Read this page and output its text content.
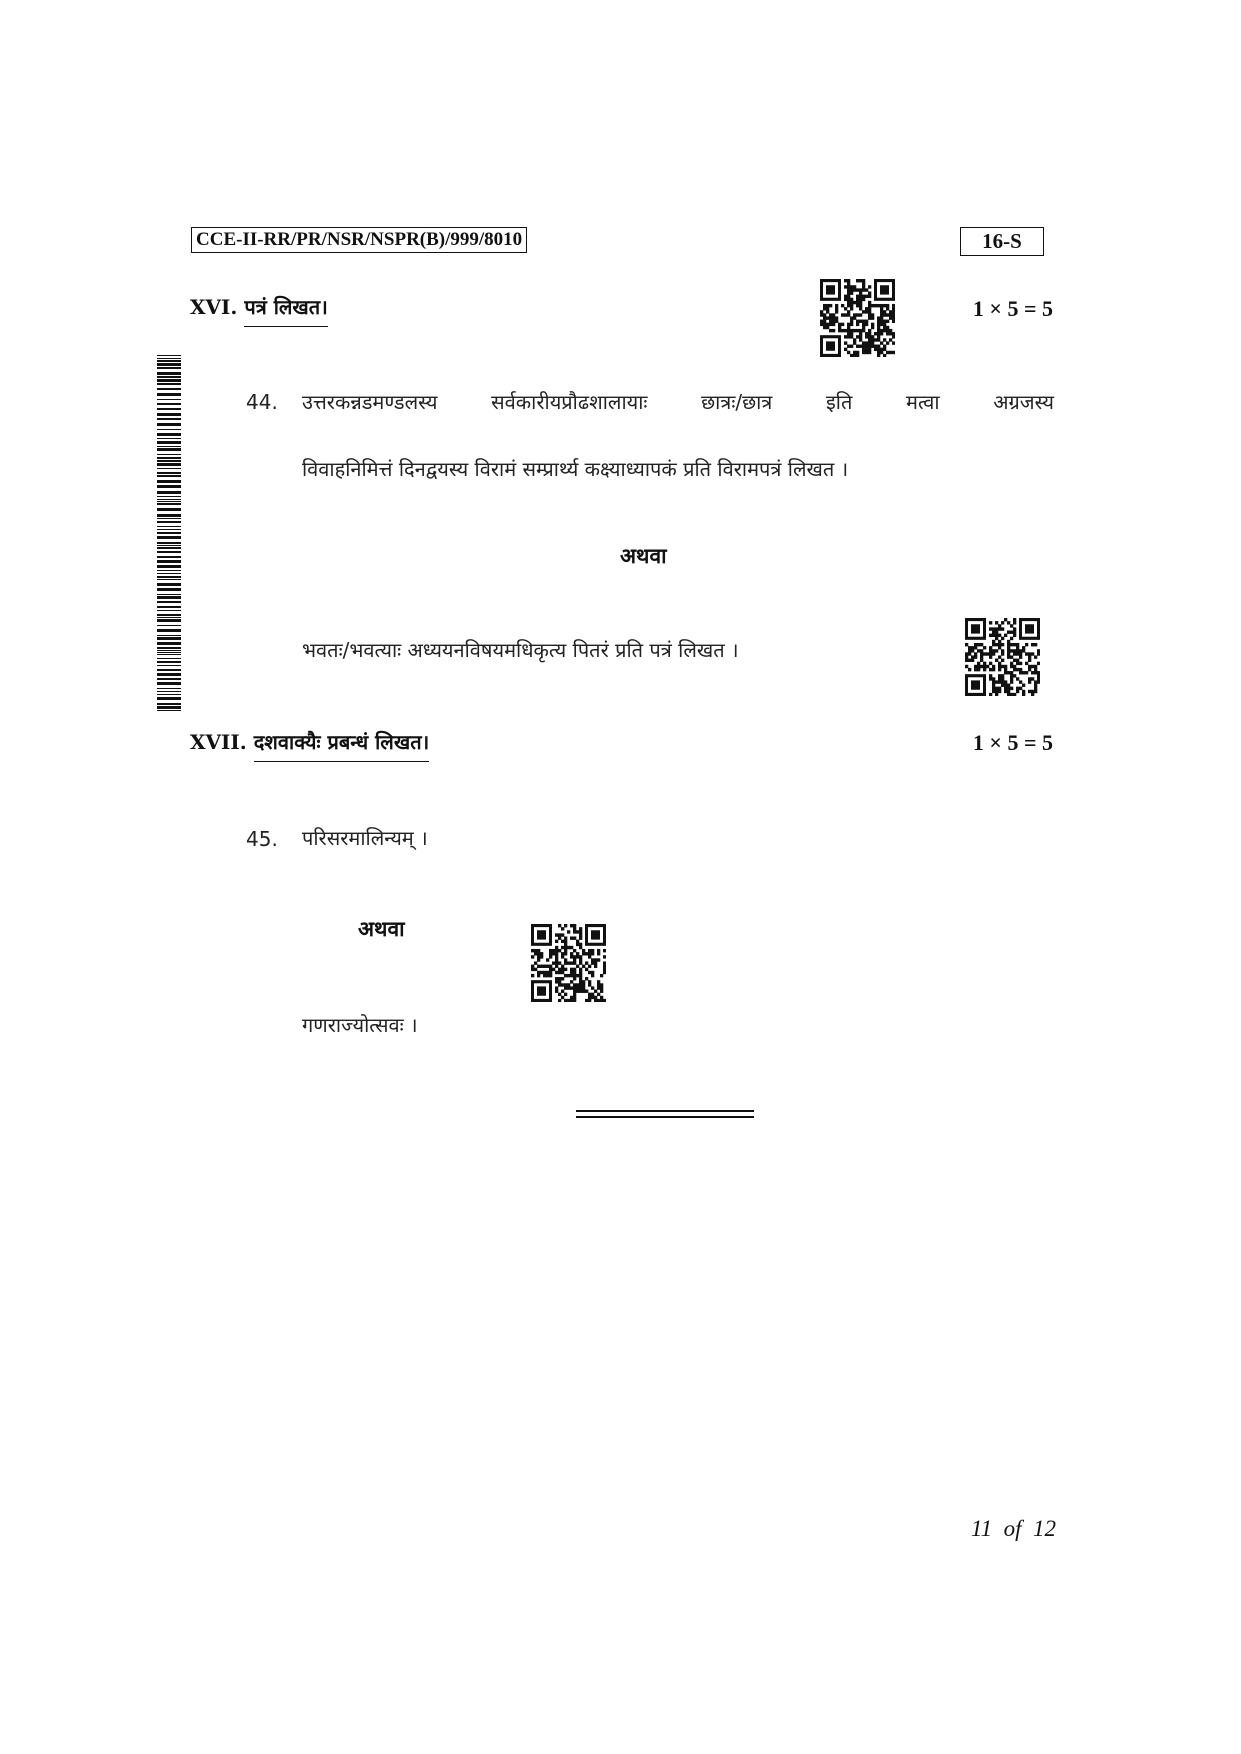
CCE-II-RR/PR/NSR/NSPR(B)/999/8010	16-S
XVI. पत्रं लिखत।	1 × 5 = 5
44. उत्तरकन्नडमण्डलस्य सर्वकारीयप्रौढशालायाः छात्रः/छात्र इति मत्वा अग्रजस्य
विवाहनिमित्तं दिनद्वयस्य विरामं सम्प्रार्थ्य कक्ष्याध्यापकं प्रति विरामपत्रं लिखत ।
अथवा
भवतः/भवत्याः अध्ययनविषयमधिकृत्य पितरं प्रति पत्रं लिखत ।
XVII. दशवाक्यैः प्रबन्धं लिखत।	1 × 5 = 5
45. परिसरमालिन्यम् ।
अथवा
गणराज्योत्सवः ।
11  of  12
